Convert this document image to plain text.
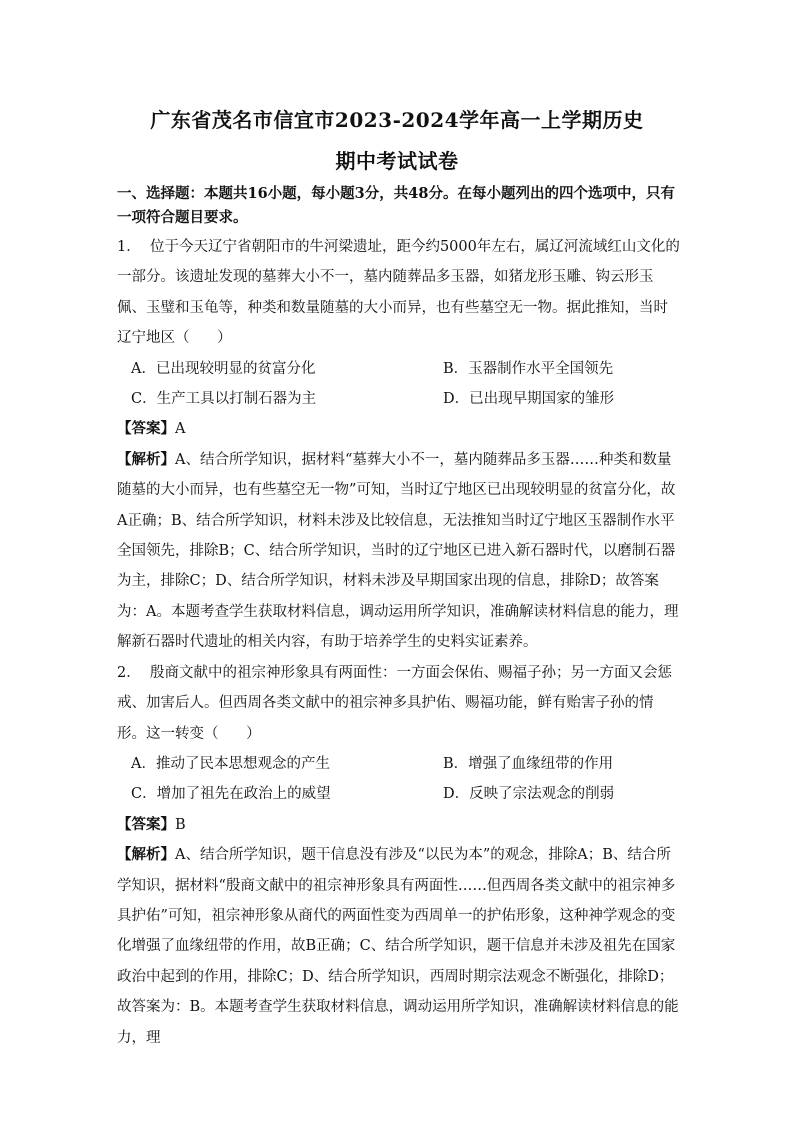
广东省茂名市信宜市2023-2024学年高一上学期历史
期中考试试卷

一、选择题：本题共16小题，每小题3分，共48分。在每小题列出的四个选项中，只有一项符合题目要求。

1．  位于今天辽宁省朝阳市的牛河梁遗址，距今约5000年左右，属辽河流域红山文化的一部分。该遗址发现的墓葬大小不一，墓内随葬品多玉器，如猪龙形玉雕、钩云形玉佩、玉璧和玉龟等，种类和数量随墓的大小而异，也有些墓空无一物。据此推知，当时辽宁地区（      ）

A．已出现较明显的贫富分化	B．玉器制作水平全国领先
C．生产工具以打制石器为主	D．已出现早期国家的雏形

【答案】A

【解析】A、结合所学知识，据材料“墓葬大小不一，墓内随葬品多玉器……种类和数量随墓的大小而异，也有些墓空无一物”可知，当时辽宁地区已出现较明显的贫富分化，故A正确；B、结合所学知识，材料未涉及比较信息，无法推知当时辽宁地区玉器制作水平全国领先，排除B；C、结合所学知识，当时的辽宁地区已进入新石器时代，以磨制石器为主，排除C；D、结合所学知识，材料未涉及早期国家出现的信息，排除D；故答案为：A。本题考查学生获取材料信息，调动运用所学知识，准确解读材料信息的能力，理解新石器时代遗址的相关内容，有助于培养学生的史料实证素养。

2．  殷商文献中的祖宗神形象具有两面性：一方面会保佑、赐福子孙；另一方面又会惩戒、加害后人。但西周各类文献中的祖宗神多具护佑、赐福功能，鲜有贻害子孙的情形。这一转变（      ）

A．推动了民本思想观念的产生	B．增强了血缘纽带的作用
C．增加了祖先在政治上的威望	D．反映了宗法观念的削弱

【答案】B

【解析】A、结合所学知识，题干信息没有涉及“以民为本”的观念，排除A；B、结合所学知识，据材料“殷商文献中的祖宗神形象具有两面性……但西周各类文献中的祖宗神多具护佑”可知，祖宗神形象从商代的两面性变为西周单一的护佑形象，这种神学观念的变化增强了血缘纽带的作用，故B正确；C、结合所学知识，题干信息并未涉及祖先在国家政治中起到的作用，排除C；D、结合所学知识，西周时期宗法观念不断强化，排除D；故答案为：B。本题考查学生获取材料信息，调动运用所学知识，准确解读材料信息的能力，理
